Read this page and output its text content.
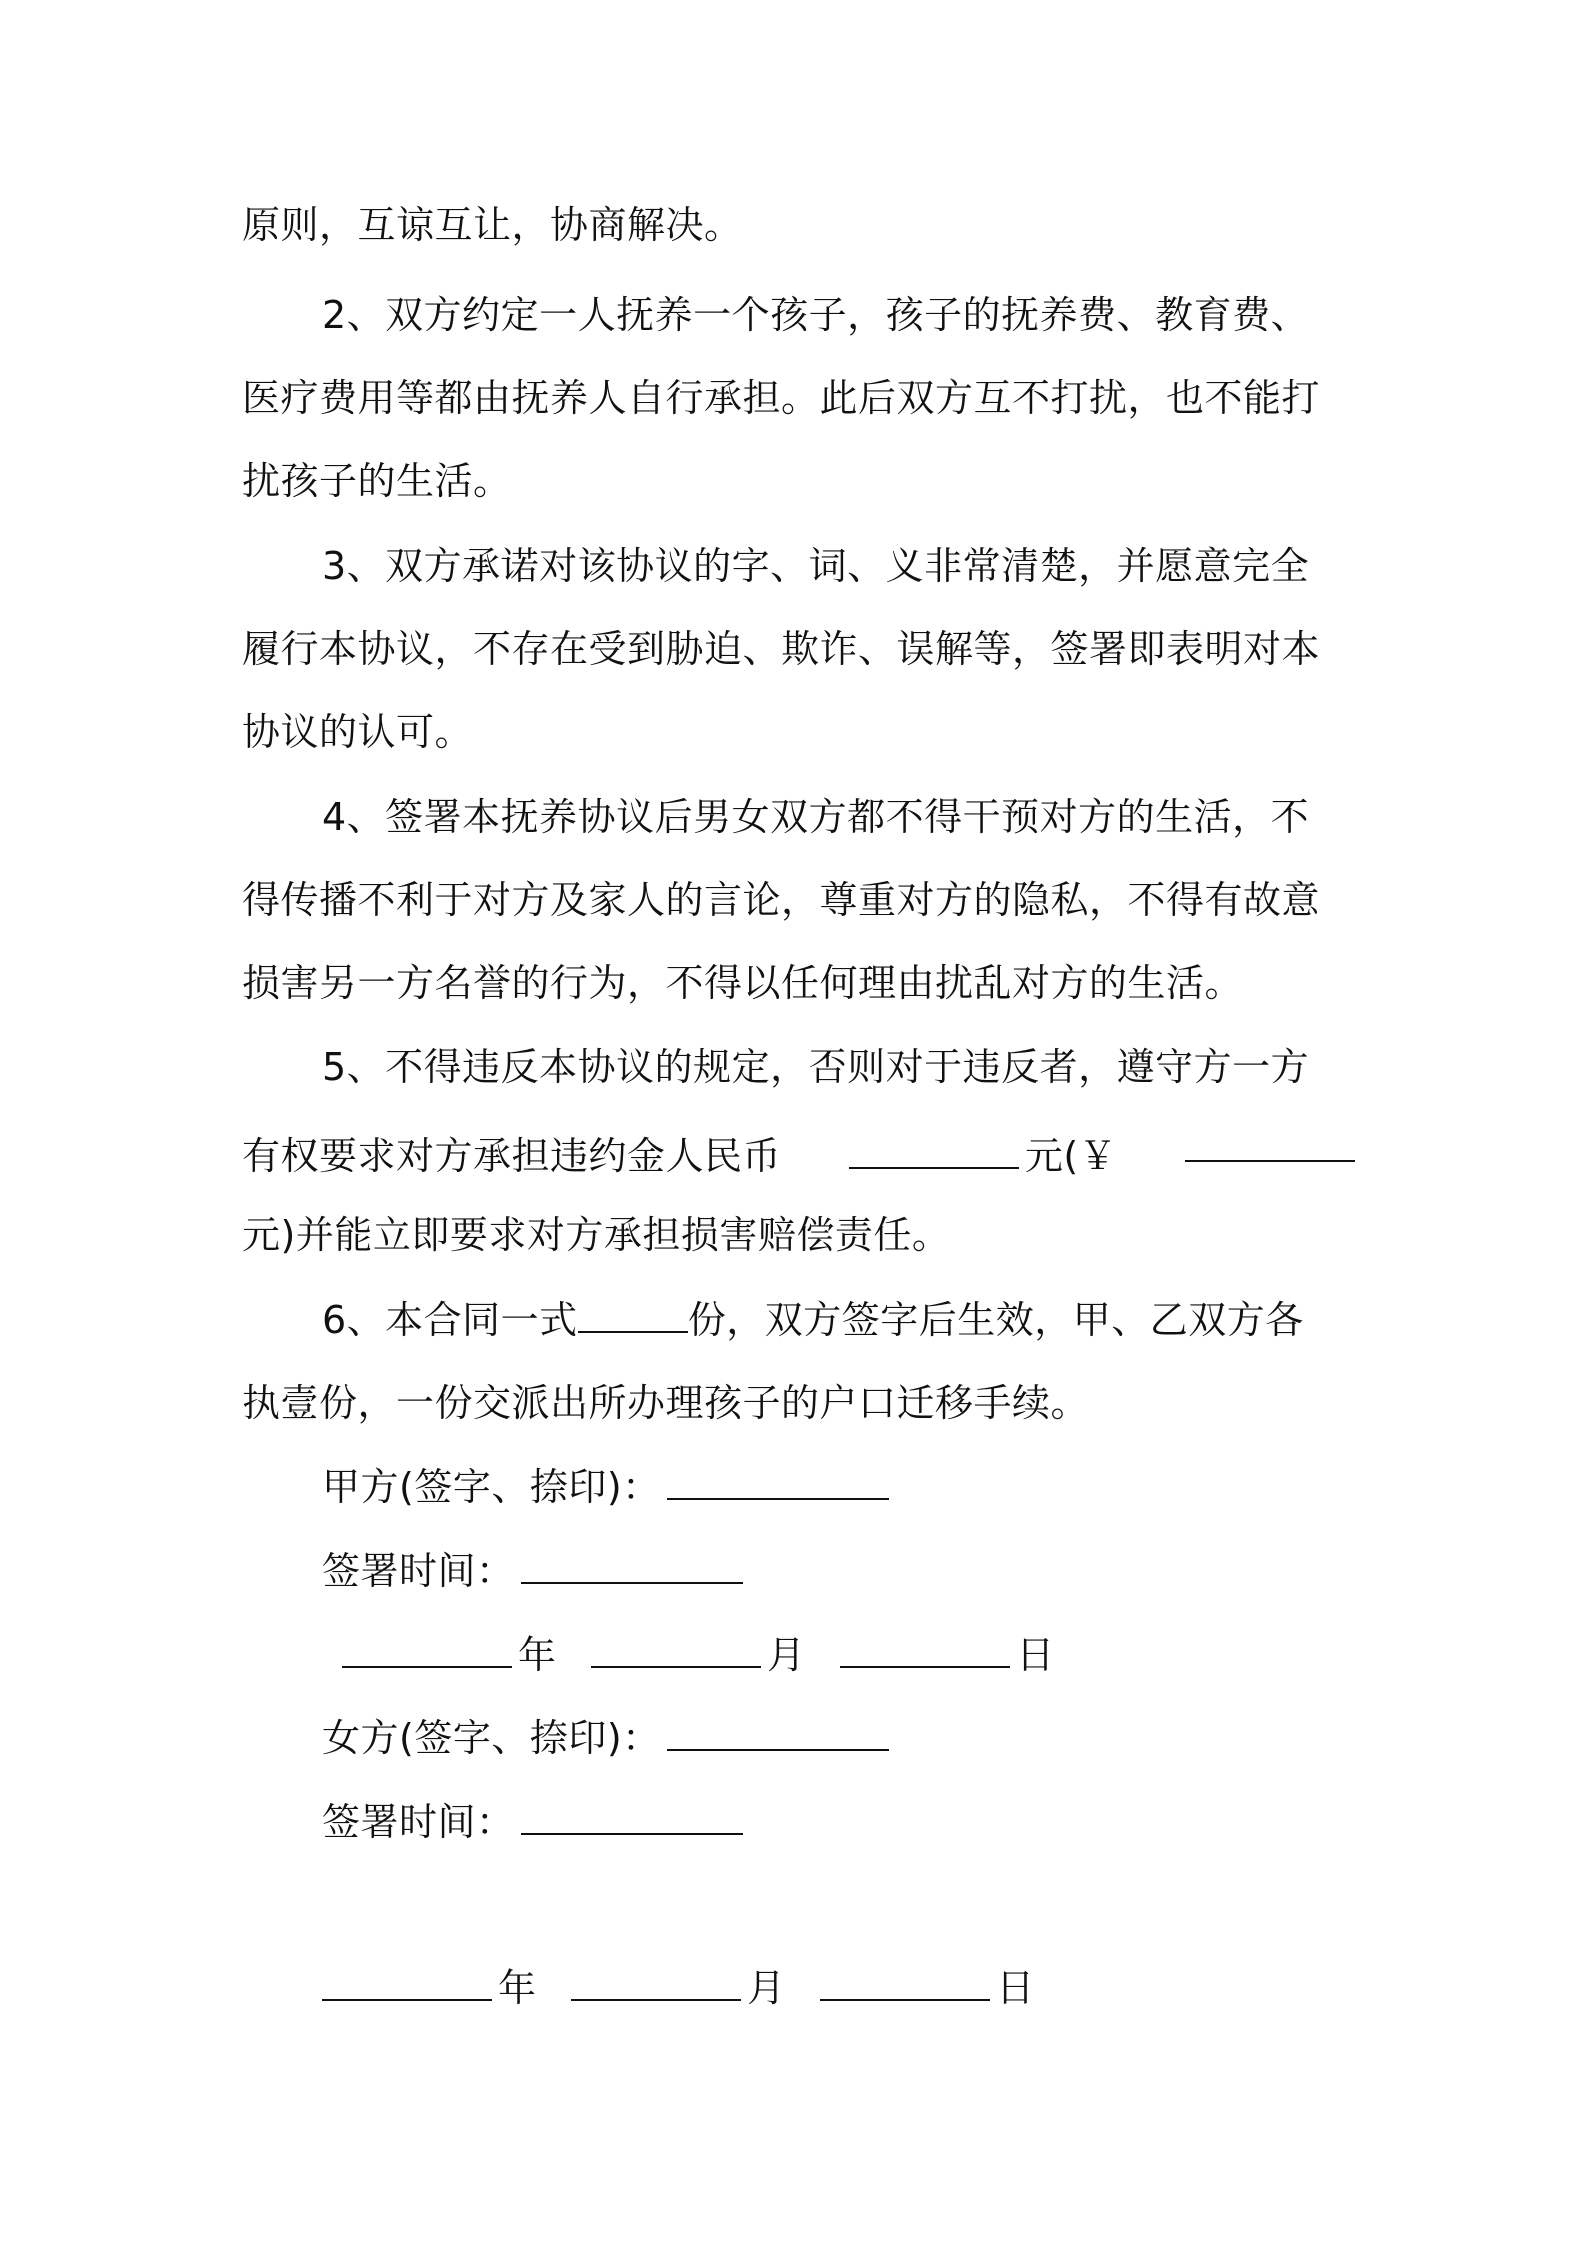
原则，互谅互让，协商解决。
2、双方约定一人抚养一个孩子，孩子的抚养费、教育费、
医疗费用等都由抚养人自行承担。此后双方互不打扰，也不能打
扰孩子的生活。
3、双方承诺对该协议的字、词、义非常清楚，并愿意完全
履行本协议，不存在受到胁迫、欺诈、误解等，签署即表明对本
协议的认可。
4、签署本抚养协议后男女双方都不得干预对方的生活，不
得传播不利于对方及家人的言论，尊重对方的隐私，不得有故意
损害另一方名誉的行为，不得以任何理由扰乱对方的生活。
5、不得违反本协议的规定，否则对于违反者，遵守方一方
有权要求对方承担违约金人民币	元(￥
元)并能立即要求对方承担损害赔偿责任。
6、本合同一式	份，双方签字后生效，甲、乙双方各
执壹份，一份交派出所办理孩子的户口迁移手续。
甲方(签字、捺印)：
签署时间：
年	月	日
女方(签字、捺印)：
签署时间：
年	月	日
